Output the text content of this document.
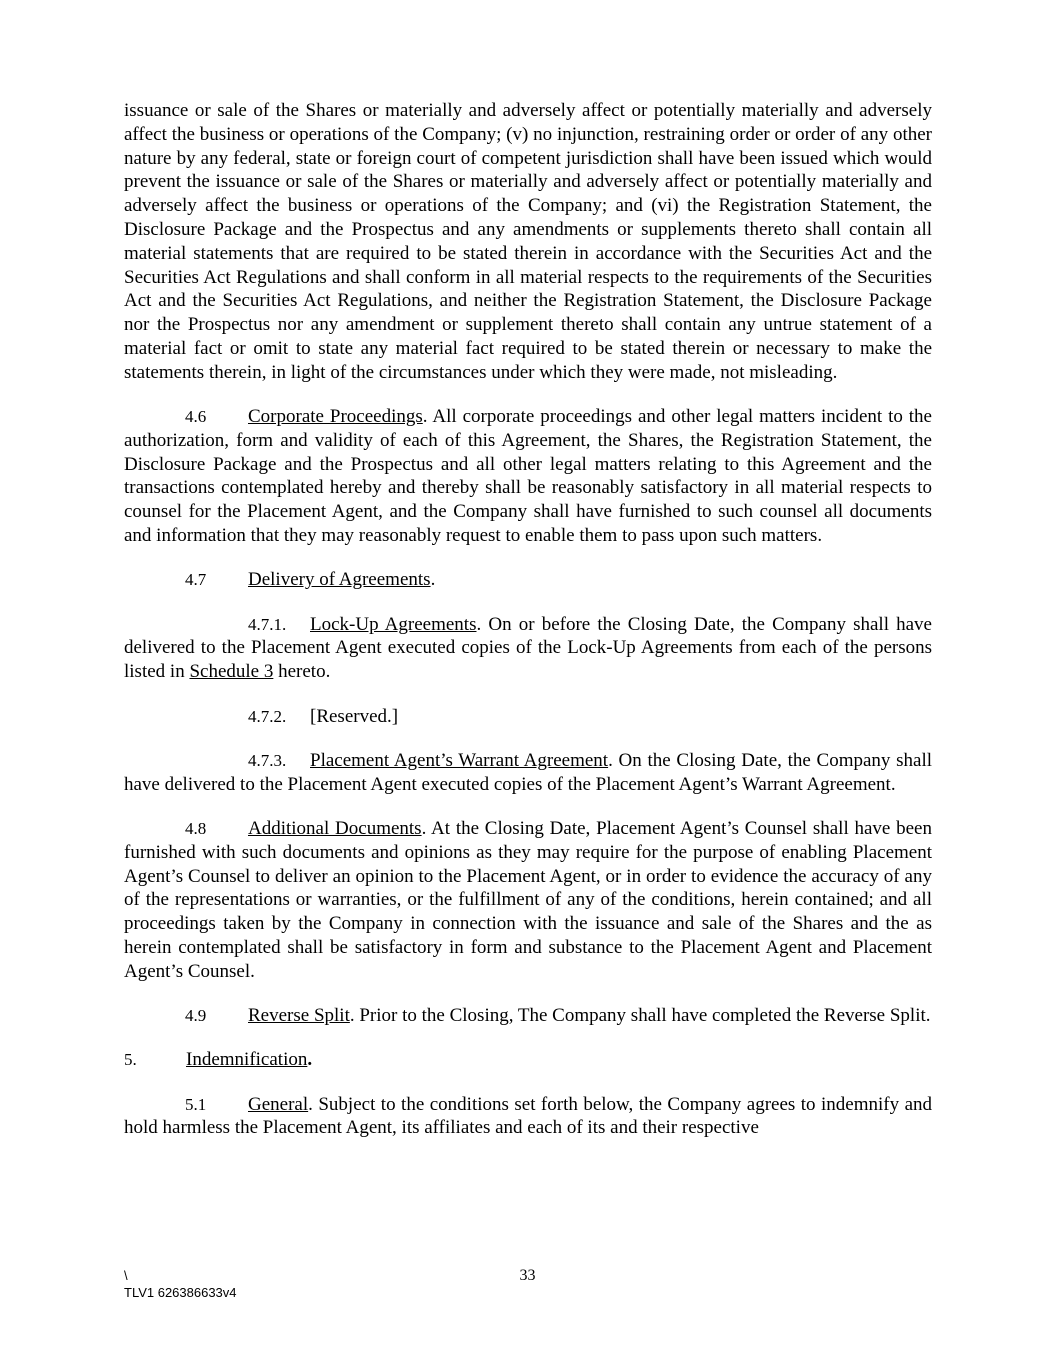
issuance or sale of the Shares or materially and adversely affect or potentially materially and adversely affect the business or operations of the Company; (v) no injunction, restraining order or order of any other nature by any federal, state or foreign court of competent jurisdiction shall have been issued which would prevent the issuance or sale of the Shares or materially and adversely affect or potentially materially and adversely affect the business or operations of the Company; and (vi) the Registration Statement, the Disclosure Package and the Prospectus and any amendments or supplements thereto shall contain all material statements that are required to be stated therein in accordance with the Securities Act and the Securities Act Regulations and shall conform in all material respects to the requirements of the Securities Act and the Securities Act Regulations, and neither the Registration Statement, the Disclosure Package nor the Prospectus nor any amendment or supplement thereto shall contain any untrue statement of a material fact or omit to state any material fact required to be stated therein or necessary to make the statements therein, in light of the circumstances under which they were made, not misleading.

4.6 Corporate Proceedings. All corporate proceedings and other legal matters incident to the authorization, form and validity of each of this Agreement, the Shares, the Registration Statement, the Disclosure Package and the Prospectus and all other legal matters relating to this Agreement and the transactions contemplated hereby and thereby shall be reasonably satisfactory in all material respects to counsel for the Placement Agent, and the Company shall have furnished to such counsel all documents and information that they may reasonably request to enable them to pass upon such matters.

4.7 Delivery of Agreements.

4.7.1. Lock-Up Agreements. On or before the Closing Date, the Company shall have delivered to the Placement Agent executed copies of the Lock-Up Agreements from each of the persons listed in Schedule 3 hereto.

4.7.2. [Reserved.]

4.7.3. Placement Agent’s Warrant Agreement. On the Closing Date, the Company shall have delivered to the Placement Agent executed copies of the Placement Agent’s Warrant Agreement.

4.8 Additional Documents. At the Closing Date, Placement Agent’s Counsel shall have been furnished with such documents and opinions as they may require for the purpose of enabling Placement Agent’s Counsel to deliver an opinion to the Placement Agent, or in order to evidence the accuracy of any of the representations or warranties, or the fulfillment of any of the conditions, herein contained; and all proceedings taken by the Company in connection with the issuance and sale of the Shares and the as herein contemplated shall be satisfactory in form and substance to the Placement Agent and Placement Agent’s Counsel.

4.9 Reverse Split. Prior to the Closing, The Company shall have completed the Reverse Split.

5.	Indemnification.

5.1 General. Subject to the conditions set forth below, the Company agrees to indemnify and hold harmless the Placement Agent, its affiliates and each of its and their respective

\
TLV1 626386633v4
33
